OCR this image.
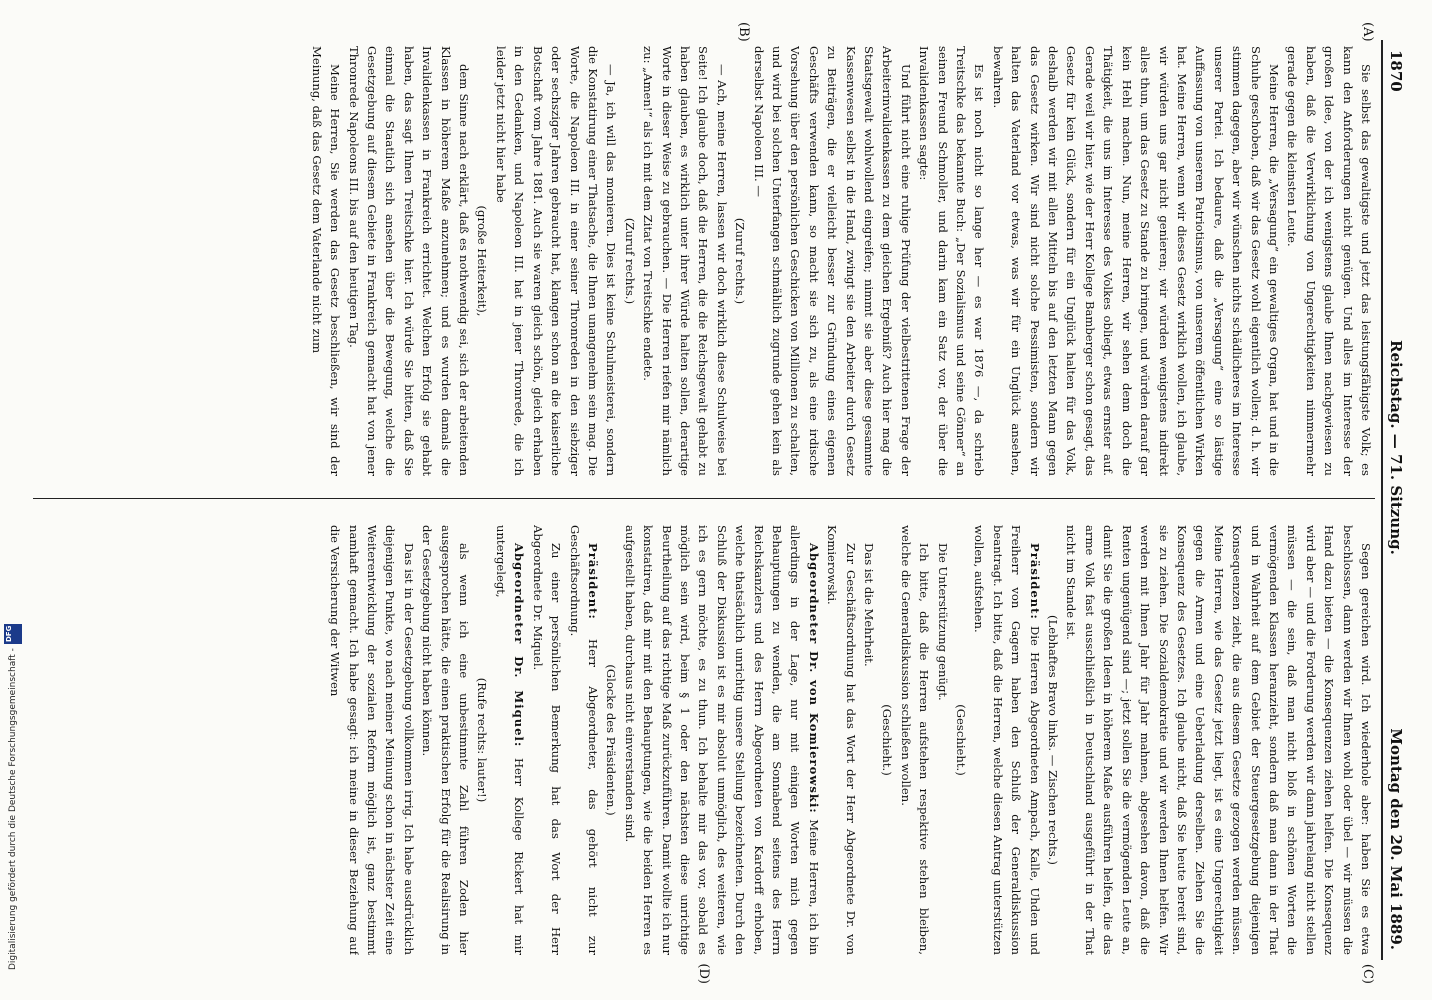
1870
Reichstag. — 71. Sitzung.
Montag den 20. Mai 1889.
(A)
(B)
(C)
(D)

Sie selbst das gewaltigste und jetzt das leistungsfähigste Volk; es kann den Anforderungen nicht genügen. Und alles im Interesse der großen Idee, von der ich wenigstens glaube Ihnen nachgewiesen zu haben, daß die Verwirklichung von Ungerechtigkeiten nimmermehr gerade gegen die kleinsten Leute.

Meine Herren, die „Versagung“ ein gewaltiges Organ, hat und in die Schuhe geschoben, daß wir das Gesetz wohl eigentlich wollen; d. h. wir stimmen dagegen, aber wir wünschen nichts schädlicheres im Interesse unserer Partei. Ich bedaure, daß die „Versagung“ eine so lästige Auffassung von unserem Patriotismus, von unserem öffentlichen Wirken hat. Meine Herren, wenn wir dieses Gesetz wirklich wollen, ich glaube, wir würden uns gar nicht genieren; wir würden wenigstens indirekt alles thun, um das Gesetz zu Stande zu bringen, und würden darauf gar kein Hehl machen. Nun, meine Herren, wir sehen denn doch die Thätigkeit, die uns im Interesse des Volkes obliegt, etwas ernster auf. Gerade weil wir hier, wie der Herr Kollege Bamberger schon gesagt, das Gesetz für kein Glück, sondern für ein Unglück halten für das Volk, deshalb werden wir mit allen Mitteln bis auf den letzten Mann gegen das Gesetz wirken. Wir sind nicht solche Pessimisten, sondern wir halten das Vaterland vor etwas, was wir für ein Unglück ansehen, bewahren.

Es ist noch nicht so lange her — es war 1876 —, da schrieb Treitschke das bekannte Buch: „Der Sozialismus und seine Gönner“ an seinen Freund Schmoller, und darin kam ein Satz vor, der über die Invalidenkassen sagte:

Und führt nicht eine ruhige Prüfung der vielbestrittenen Frage der Arbeiterinvalidenkassen zu dem gleichen Ergebniß? Auch hier mag die Staatsgewalt wohlwollend eingreifen; nimmt sie aber diese gesammte Kassenwesen selbst in die Hand, zwingt sie den Arbeiter durch Gesetz zu Beiträgen, die er vielleicht besser zur Gründung eines eigenen Geschäfts verwenden kann, so macht sie sich zu, als eine irdische Vorsehung über den persönlichen Geschicken von Millionen zu schalten, und wird bei solchen Unterfangen schmählich zugrunde gehen kein als derselbst Napoleon III. —

(Zuruf rechts.)

— Ach, meine Herren, lassen wir doch wirklich diese Schulweise bei Seite! Ich glaube doch, daß die Herren, die die Reichsgewalt gehabt zu haben glauben, es wirklich unter ihrer Würde halten sollen, derartige Worte in dieser Weise zu gebrauchen. — Die Herren riefen mir nämlich zu: „Amen!“ als ich mit dem Zitat von Treitschke endete.

(Zuruf rechts.)

— Ja, ich will das monieren. Dies ist keine Schulmeisterei, sondern die Konstatirung einer Thatsache, die Ihnen unangenehm sein mag. Die Worte, die Napoleon III. in einer seiner Thronreden in den siebziger oder sechsziger Jahren gebraucht hat, klangen schon an die kaiserliche Botschaft vom Jahre 1881. Auch sie waren gleich schön, gleich erhaben in den Gedanken, und Napoleon III. hat in jener Thronrede, die ich leider jetzt nicht hier habe

(große Heiterkeit),

dem Sinne nach erklärt, daß es nothwendig sei, sich der arbeitenden Klassen in höherem Maße anzunehmen; und es wurden damals die Invalidenkassen in Frankreich errichtet. Welchen Erfolg sie gehabt haben, das sagt Ihnen Treitschke hier. Ich würde Sie bitten, daß Sie einmal die Staatlich sich ansehen über die Bewegung, welche die Gesetzgebung auf diesem Gebiete in Frankreich gemacht hat von jener Thronrede Napoleons III. bis auf den heutigen Tag.

Meine Herren, Sie werden das Gesetz beschließen, wir sind der Meinung, daß das Gesetz dem Vaterlande nicht zum

Segen gereichen wird. Ich wiederhole aber: haben Sie es etwa beschlossen, dann werden wir Ihnen wohl oder übel — wir müssen die Hand dazu bieten — die Konsequenzen ziehen helfen. Die Konsequenz wird aber — und die Forderung werden wir dann jahrelang nicht stellen müssen — die sein, daß man nicht bloß in schönen Worten die vermögenden Klassen heranzieht, sondern daß man dann in der That und in Wahrheit auf dem Gebiet der Steuergesetzgebung diejenigen Konsequenzen zieht, die aus diesem Gesetze gezogen werden müssen. Meine Herren, wie das Gesetz jetzt liegt, ist es eine Ungerechtigkeit gegen die Armen und eine Ueberladung derselben. Ziehen Sie die Konsequenz des Gesetzes. Ich glaube nicht, daß Sie heute bereit sind, sie zu ziehen. Die Sozialdemokratie und wir werden Ihnen helfen. Wir werden mit Ihnen Jahr für Jahr mahnen, abgesehen davon, daß die Renten ungenügend sind —; jetzt sollen Sie die vermögenden Leute an, damit Sie die großen Ideen in höherem Maße ausführen helfen, die das arme Volk fast ausschließlich in Deutschland ausgeführt in der That nicht im Stande ist.

(Lebhaftes Bravo links. — Zischen rechts.)

Präsident: Die Herren Abgeordneten Ampach, Kalle, Uhden und Freiherr von Gagern haben den Schluß der Generaldiskussion beantragt. Ich bitte, daß die Herren, welche diesen Antrag unterstützen wollen, aufstehen.

(Geschieht.)

Die Unterstützung genügt.

Ich bitte, daß die Herren aufstehen respektive stehen bleiben, welche die Generaldiskussion schließen wollen.

(Geschieht.)

Das ist die Mehrheit.

Zur Geschäftsordnung hat das Wort der Herr Abgeordnete Dr. von Komierowski.

Abgeordneter Dr. von Komierowski: Meine Herren, ich bin allerdings in der Lage, nur mit einigen Worten mich gegen Behauptungen zu wenden, die am Sonnabend seitens des Herrn Reichskanzlers und des Herrn Abgeordneten von Kardorff erhoben, welche thatsächlich unrichtig unsere Stellung bezeichneten. Durch den Schluß der Diskussion ist es mir absolut unmöglich, des weiteren, wie ich es gern möchte, es zu thun. Ich behalte mir das vor, sobald es möglich sein wird, beim § 1 oder den nächsten diese unrichtige Beurtheilung auf das richtige Maß zurückzuführen. Damit wollte ich nur konstatiren, daß mir mit den Behauptungen, wie die beiden Herren es aufgestellt haben, durchaus nicht einverstanden sind.

(Glocke des Präsidenten.)

Präsident: Herr Abgeordneter, das gehört nicht zur Geschäftsordnung.

Zu einer persönlichen Bemerkung hat das Wort der Herr Abgeordnete Dr. Miquel.

Abgeordneter Dr. Miquel: Herr Kollege Rickert hat mir untergelegt,

(Rufe rechts: lauter!)

als wenn ich eine unbestimmte Zahl führen Zoden hier ausgesprochen hätte, die einen praktischen Erfolg für die Realisirung in der Gesetzgebung nicht haben können.

Das ist in der Gesetzgebung vollkommen irrig. Ich habe ausdrücklich diejenigen Punkte, wo nach meiner Meinung schon in nächster Zeit eine Weiterentwicklung der sozialen Reform möglich ist, ganz bestimmt namhaft gemacht. Ich habe gesagt: ich meine in dieser Beziehung auf die Versicherung der Witwen

Digitalisierung gefördert durch die Deutsche Forschungsgemeinschaft -
DFG
